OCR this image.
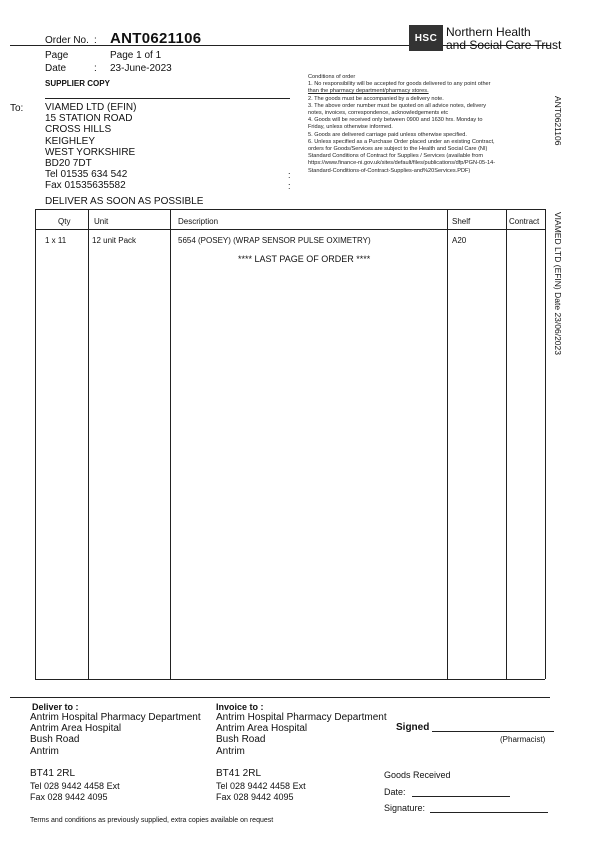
Order No. : ANT0621106
Page	Page 1 of 1
Date	: 23-June-2023
SUPPLIER COPY
HSC Northern Health
and Social Care Trust
Conditions of order
1. No responsibility will be accepted for goods delivered to any point other
than the pharmacy department/pharmacy stores.
2. The goods must be accompanied by a delivery note.
3. The above order number must be quoted on all advice notes, delivery
notes, invoices, correspondence, acknowledgements etc
4. Goods will be received only between 0900 and 1630 hrs. Monday to
Friday, unless otherwise informed.
5. Goods are delivered carriage paid unless otherwise specified.
6. Unless specified as a Purchase Order placed under an existing Contract,
orders for Goods/Services are subject to the Health and Social Care (NI)
Standard Conditions of Contract for Supplies / Services (available from
https://www.finance-ni.gov.uk/sites/default/files/publications/dfp/PGN-05-14-
Standard-Conditions-of-Contract-Supplies-and%20Services.PDF)
To: VIAMED LTD (EFIN)
15 STATION ROAD
CROSS HILLS
KEIGHLEY
WEST YORKSHIRE
BD20 7DT
Tel 01535 634 542
Fax 01535635582
:
:
DELIVER AS SOON AS POSSIBLE
Qty	Unit	Description	Shelf	Contract
1 x 11	12 unit Pack	5654 (POSEY) (WRAP SENSOR PULSE OXIMETRY)	A20
**** LAST PAGE OF ORDER ****
ANT0621106
VIAMED LTD (EFIN) Date 23/06/2023
Deliver to :
Antrim Hospital Pharmacy Department
Antrim Area Hospital
Bush Road
Antrim
BT41 2RL
Tel 028 9442 4458 Ext
Fax 028 9442 4095
Invoice to :
Antrim Hospital Pharmacy Department
Antrim Area Hospital
Bush Road
Antrim
BT41 2RL
Tel 028 9442 4458 Ext
Fax 028 9442 4095
Signed
(Pharmacist)
Goods Received
Date:
Signature:
Terms and conditions as previously supplied, extra copies available on request
